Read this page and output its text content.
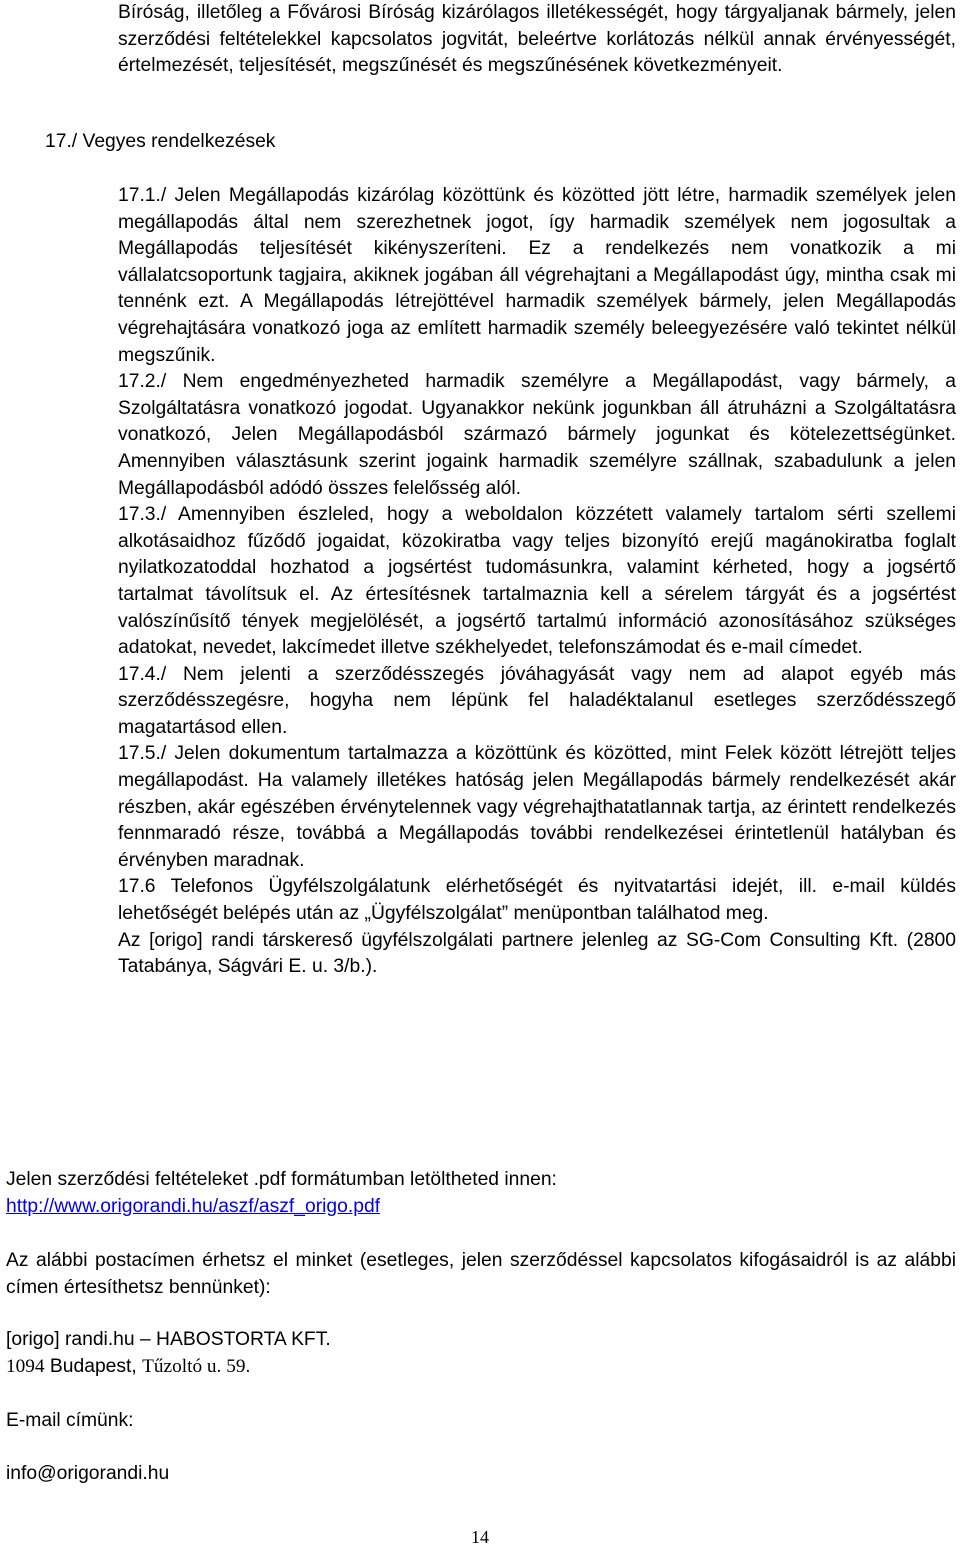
Bíróság, illetőleg a Fővárosi Bíróság kizárólagos illetékességét, hogy tárgyaljanak bármely, jelen szerződési feltételekkel kapcsolatos jogvitát, beleértve korlátozás nélkül annak érvényességét, értelmezését, teljesítését, megszűnését és megszűnésének következményeit.

17./ Vegyes rendelkezések

17.1./ Jelen Megállapodás kizárólag közöttünk és közötted jött létre, harmadik személyek jelen megállapodás által nem szerezhetnek jogot, így harmadik személyek nem jogosultak a Megállapodás teljesítését kikényszeríteni. Ez a rendelkezés nem vonatkozik a mi vállalatcsoportunk tagjaira, akiknek jogában áll végrehajtani a Megállapodást úgy, mintha csak mi tennénk ezt. A Megállapodás létrejöttével harmadik személyek bármely, jelen Megállapodás végrehajtására vonatkozó joga az említett harmadik személy beleegyezésére való tekintet nélkül megszűnik.

17.2./ Nem engedményezheted harmadik személyre a Megállapodást, vagy bármely, a Szolgáltatásra vonatkozó jogodat. Ugyanakkor nekünk jogunkban áll átruházni a Szolgáltatásra vonatkozó, Jelen Megállapodásból származó bármely jogunkat és kötelezettségünket. Amennyiben választásunk szerint jogaink harmadik személyre szállnak, szabadulunk a jelen Megállapodásból adódó összes felelősség alól.

17.3./ Amennyiben észleled, hogy a weboldalon közzétett valamely tartalom sérti szellemi alkotásaidhoz fűződő jogaidat, közokiratba vagy teljes bizonyító erejű magánokiratba foglalt nyilatkozatoddal hozhatod a jogsértést tudomásunkra, valamint kérheted, hogy a jogsértő tartalmat távolítsuk el. Az értesítésnek tartalmaznia kell a sérelem tárgyát és a jogsértést valószínűsítő tények megjelölését, a jogsértő tartalmú információ azonosításához szükséges adatokat, nevedet, lakcímedet illetve székhelyedet, telefonszámodat és e-mail címedet.

17.4./ Nem jelenti a szerződésszegés jóváhagyását vagy nem ad alapot egyéb más szerződésszegésre, hogyha nem lépünk fel haladéktalanul esetleges szerződésszegő magatartásod ellen.

17.5./ Jelen dokumentum tartalmazza a közöttünk és közötted, mint Felek között létrejött teljes megállapodást. Ha valamely illetékes hatóság jelen Megállapodás bármely rendelkezését akár részben, akár egészében érvénytelennek vagy végrehajthatatlannak tartja, az érintett rendelkezés fennmaradó része, továbbá a Megállapodás további rendelkezései érintetlenül hatályban és érvényben maradnak.

17.6 Telefonos Ügyfélszolgálatunk elérhetőségét és nyitvatartási idejét, ill. e-mail küldés lehetőségét belépés után az „Ügyfélszolgálat” menüpontban találhatod meg.

Az [origo] randi társkereső ügyfélszolgálati partnere jelenleg az SG-Com Consulting Kft. (2800 Tatabánya, Ságvári E. u. 3/b.).

Jelen szerződési feltételeket .pdf formátumban letöltheted innen:

http://www.origorandi.hu/aszf/aszf_origo.pdf

Az alábbi postacímen érhetsz el minket (esetleges, jelen szerződéssel kapcsolatos kifogásaidról is az alábbi címen értesíthetsz bennünket):

[origo] randi.hu – HABOSTORTA KFT.

1094 Budapest, Tűzoltó u. 59.

E-mail címünk:

info@origorandi.hu

14
